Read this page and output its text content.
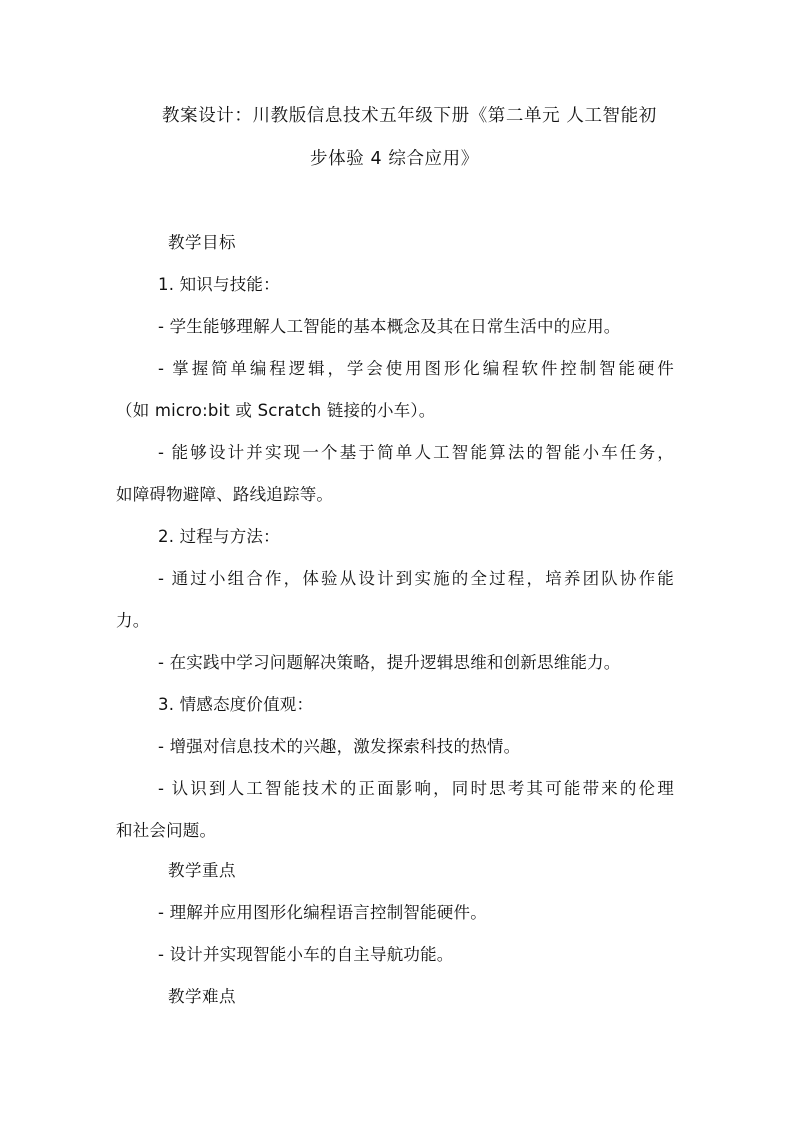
教案设计：川教版信息技术五年级下册《第二单元 人工智能初
步体验 4 综合应用》
教学目标
1. 知识与技能：
- 学生能够理解人工智能的基本概念及其在日常生活中的应用。
- 掌握简单编程逻辑，学会使用图形化编程软件控制智能硬件
（如 micro:bit 或 Scratch 链接的小车）。
- 能够设计并实现一个基于简单人工智能算法的智能小车任务，
如障碍物避障、路线追踪等。
2. 过程与方法：
- 通过小组合作，体验从设计到实施的全过程，培养团队协作能
力。
- 在实践中学习问题解决策略，提升逻辑思维和创新思维能力。
3. 情感态度价值观：
- 增强对信息技术的兴趣，激发探索科技的热情。
- 认识到人工智能技术的正面影响，同时思考其可能带来的伦理
和社会问题。
教学重点
- 理解并应用图形化编程语言控制智能硬件。
- 设计并实现智能小车的自主导航功能。
教学难点
